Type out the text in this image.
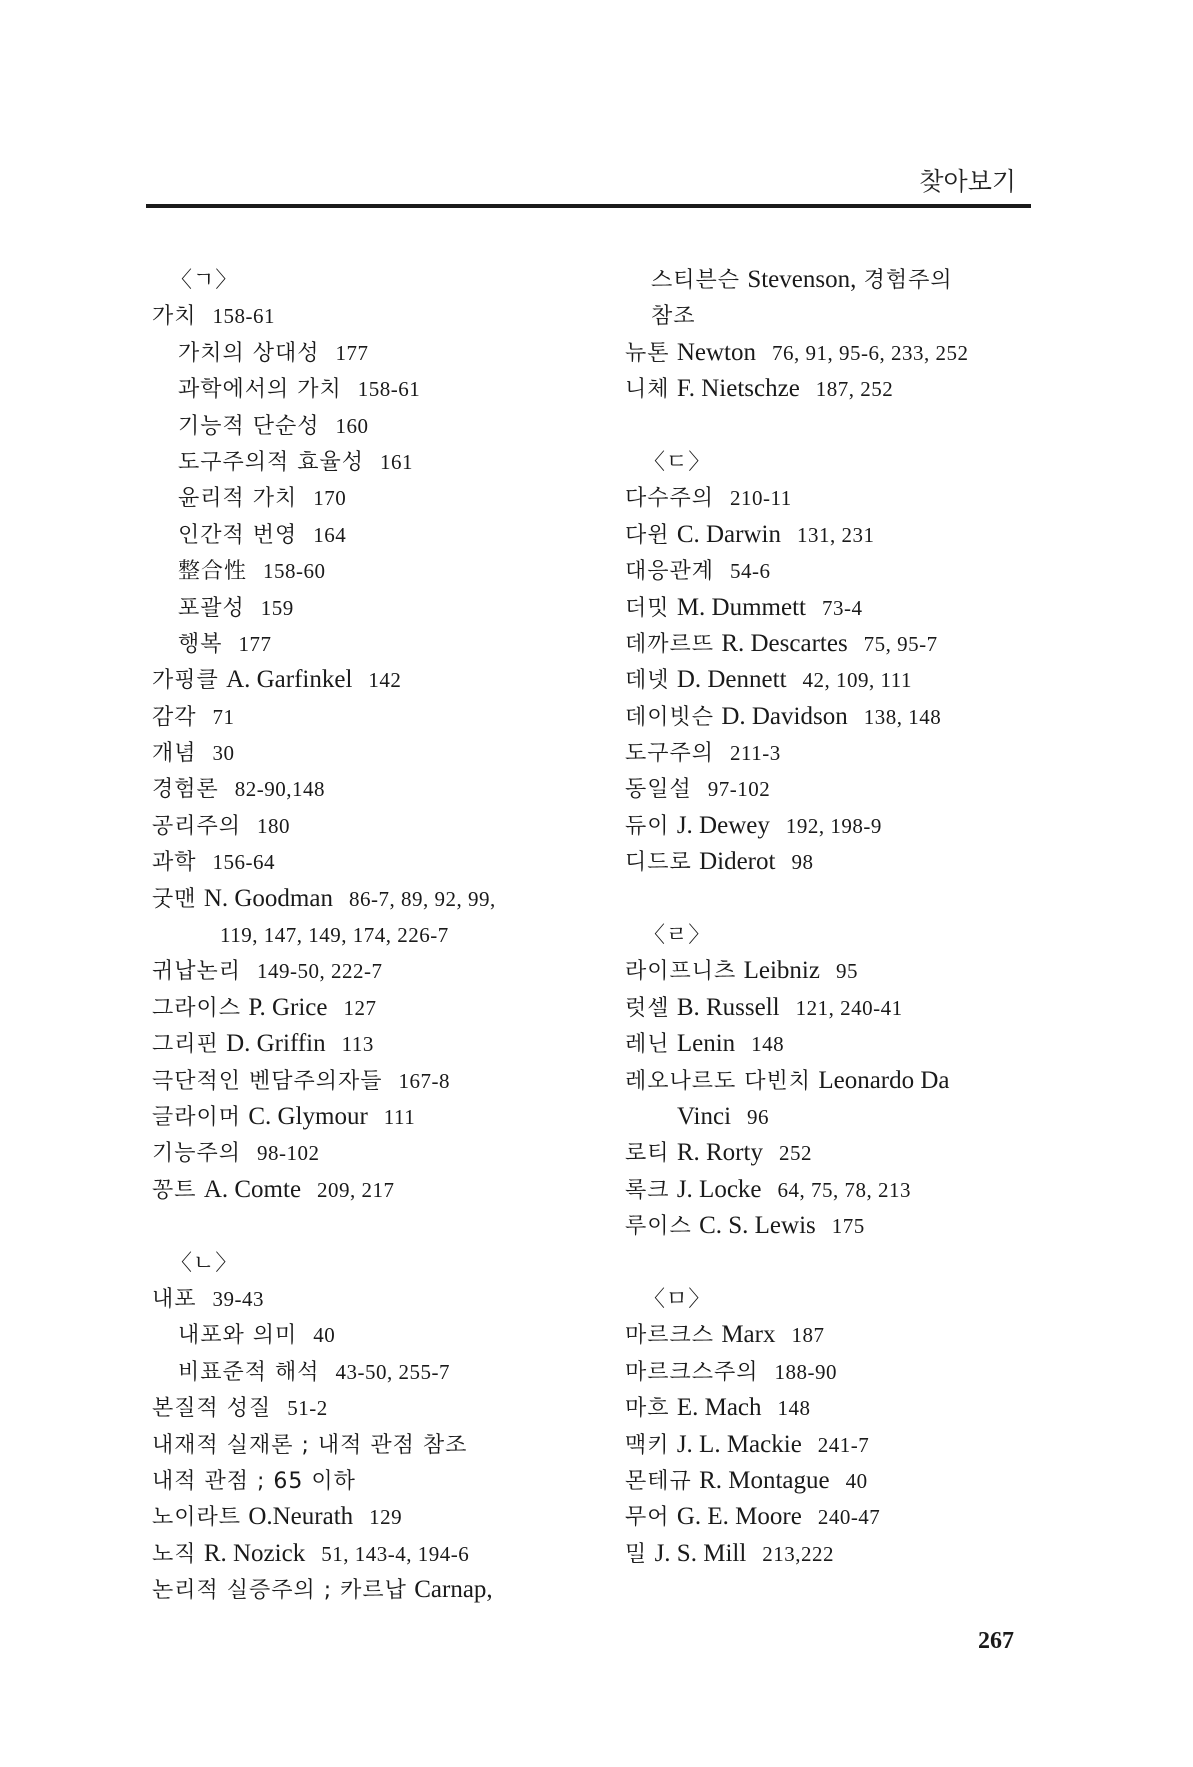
찾아보기
〈ㄱ〉
가치 158-61
가치의 상대성 177
과학에서의 가치 158-61
기능적 단순성 160
도구주의적 효율성 161
윤리적 가치 170
인간적 번영 164
整合性 158-60
포괄성 159
행복 177
가핑클 A. Garfinkel 142
감각 71
개념 30
경험론 82-90,148
공리주의 180
과학 156-64
굿맨 N. Goodman 86-7, 89, 92, 99,
119, 147, 149, 174, 226-7
귀납논리 149-50, 222-7
그라이스 P. Grice 127
그리핀 D. Griffin 113
극단적인 벤담주의자들 167-8
글라이머 C. Glymour 111
기능주의 98-102
꽁트 A. Comte 209, 217
〈ㄴ〉
내포 39-43
내포와 의미 40
비표준적 해석 43-50, 255-7
본질적 성질 51-2
내재적 실재론 ; 내적 관점 참조
내적 관점 ; 65 이하
노이라트 O.Neurath 129
노직 R. Nozick 51, 143-4, 194-6
논리적 실증주의 ; 카르납 Carnap,
스티븐슨 Stevenson, 경험주의
참조
뉴톤 Newton 76, 91, 95-6, 233, 252
니체 F. Nietschze 187, 252
〈ㄷ〉
다수주의 210-11
다윈 C. Darwin 131, 231
대응관계 54-6
더밋 M. Dummett 73-4
데까르뜨 R. Descartes 75, 95-7
데넷 D. Dennett 42, 109, 111
데이빗슨 D. Davidson 138, 148
도구주의 211-3
동일설 97-102
듀이 J. Dewey 192, 198-9
디드로 Diderot 98
〈ㄹ〉
라이프니츠 Leibniz 95
럿셀 B. Russell 121, 240-41
레닌 Lenin 148
레오나르도 다빈치 Leonardo Da
Vinci 96
로티 R. Rorty 252
록크 J. Locke 64, 75, 78, 213
루이스 C. S. Lewis 175
〈ㅁ〉
마르크스 Marx 187
마르크스주의 188-90
마흐 E. Mach 148
맥키 J. L. Mackie 241-7
몬테규 R. Montague 40
무어 G. E. Moore 240-47
밀 J. S. Mill 213,222
267
